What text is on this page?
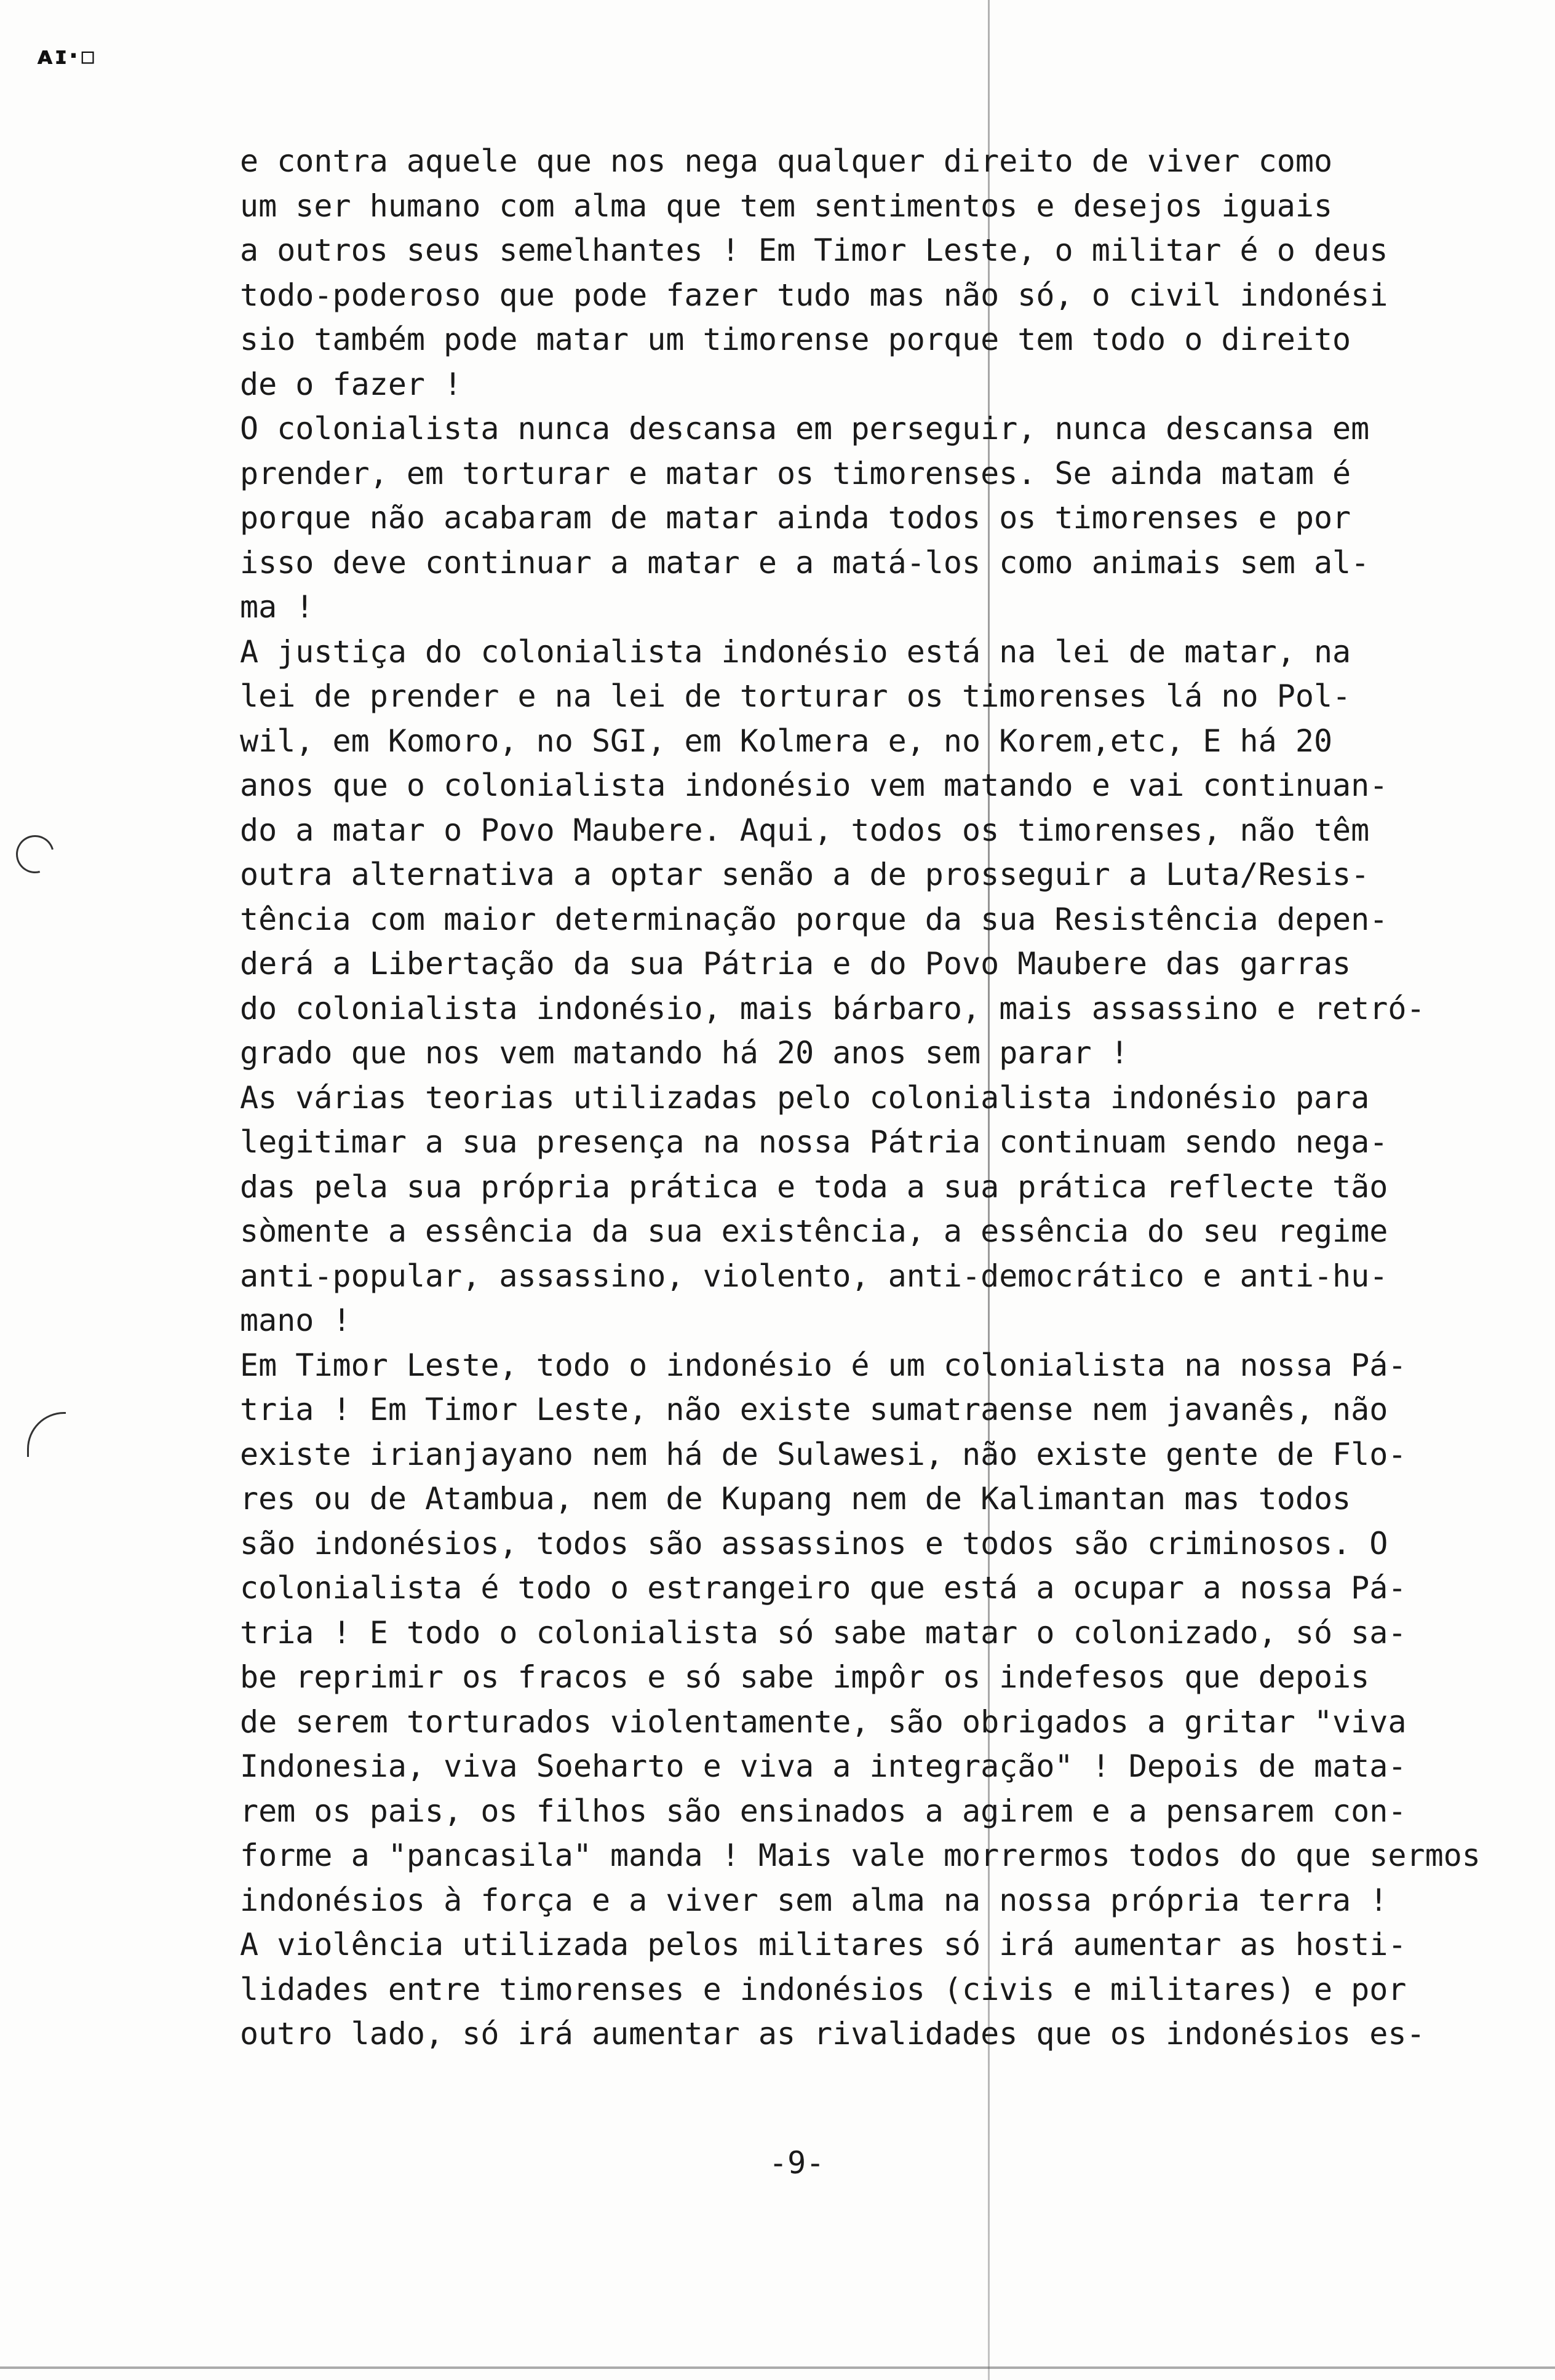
ᴀɪ·▫
e contra aquele que nos nega qualquer direito de viver como
um ser humano com alma que tem sentimentos e desejos iguais
a outros seus semelhantes ! Em Timor Leste, o militar é o deus
todo-poderoso que pode fazer tudo mas não só, o civil indonési
sio também pode matar um timorense porque tem todo o direito
de o fazer !
O colonialista nunca descansa em perseguir, nunca descansa em
prender, em torturar e matar os timorenses. Se ainda matam é
porque não acabaram de matar ainda todos os timorenses e por
isso deve continuar a matar e a matá-los como animais sem al-
ma !
A justiça do colonialista indonésio está na lei de matar, na
lei de prender e na lei de torturar os timorenses lá no Pol-
wil, em Komoro, no SGI, em Kolmera e, no Korem,etc, E há 20
anos que o colonialista indonésio vem matando e vai continuan-
do a matar o Povo Maubere. Aqui, todos os timorenses, não têm
outra alternativa a optar senão a de prosseguir a Luta/Resis-
tência com maior determinação porque da sua Resistência depen-
derá a Libertação da sua Pátria e do Povo Maubere das garras
do colonialista indonésio, mais bárbaro, mais assassino e retró-
grado que nos vem matando há 20 anos sem parar !
As várias teorias utilizadas pelo colonialista indonésio para
legitimar a sua presença na nossa Pátria continuam sendo nega-
das pela sua própria prática e toda a sua prática reflecte tão
sòmente a essência da sua existência, a essência do seu regime
anti-popular, assassino, violento, anti-democrático e anti-hu-
mano !
Em Timor Leste, todo o indonésio é um colonialista na nossa Pá-
tria ! Em Timor Leste, não existe sumatraense nem javanês, não
existe irianjayano nem há de Sulawesi, não existe gente de Flo-
res ou de Atambua, nem de Kupang nem de Kalimantan mas todos
são indonésios, todos são assassinos e todos são criminosos. O
colonialista é todo o estrangeiro que está a ocupar a nossa Pá-
tria ! E todo o colonialista só sabe matar o colonizado, só sa-
be reprimir os fracos e só sabe impôr os indefesos que depois
de serem torturados violentamente, são obrigados a gritar "viva
Indonesia, viva Soeharto e viva a integração" ! Depois de mata-
rem os pais, os filhos são ensinados a agirem e a pensarem con-
forme a "pancasila" manda ! Mais vale morrermos todos do que sermos
indonésios à força e a viver sem alma na nossa própria terra !
A violência utilizada pelos militares só irá aumentar as hosti-
lidades entre timorenses e indonésios (civis e militares) e por
outro lado, só irá aumentar as rivalidades que os indonésios es-
-9-
